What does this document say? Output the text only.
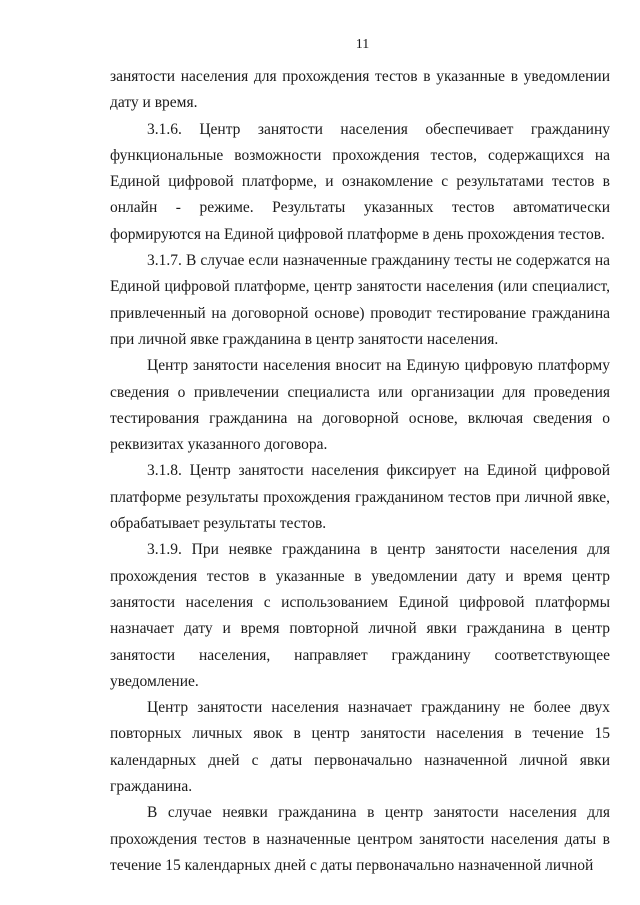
11

занятости населения для прохождения тестов в указанные в уведомлении дату и время.

3.1.6. Центр занятости населения обеспечивает гражданину функциональные возможности прохождения тестов, содержащихся на Единой цифровой платформе, и ознакомление с результатами тестов в онлайн - режиме. Результаты указанных тестов автоматически формируются на Единой цифровой платформе в день прохождения тестов.

3.1.7. В случае если назначенные гражданину тесты не содержатся на Единой цифровой платформе, центр занятости населения (или специалист, привлеченный на договорной основе) проводит тестирование гражданина при личной явке гражданина в центр занятости населения.

Центр занятости населения вносит на Единую цифровую платформу сведения о привлечении специалиста или организации для проведения тестирования гражданина на договорной основе, включая сведения о реквизитах указанного договора.

3.1.8. Центр занятости населения фиксирует на Единой цифровой платформе результаты прохождения гражданином тестов при личной явке, обрабатывает результаты тестов.

3.1.9. При неявке гражданина в центр занятости населения для прохождения тестов в указанные в уведомлении дату и время центр занятости населения с использованием Единой цифровой платформы назначает дату и время повторной личной явки гражданина в центр занятости населения, направляет гражданину соответствующее уведомление.

Центр занятости населения назначает гражданину не более двух повторных личных явок в центр занятости населения в течение 15 календарных дней с даты первоначально назначенной личной явки гражданина.

В случае неявки гражданина в центр занятости населения для прохождения тестов в назначенные центром занятости населения даты в течение 15 календарных дней с даты первоначально назначенной личной
